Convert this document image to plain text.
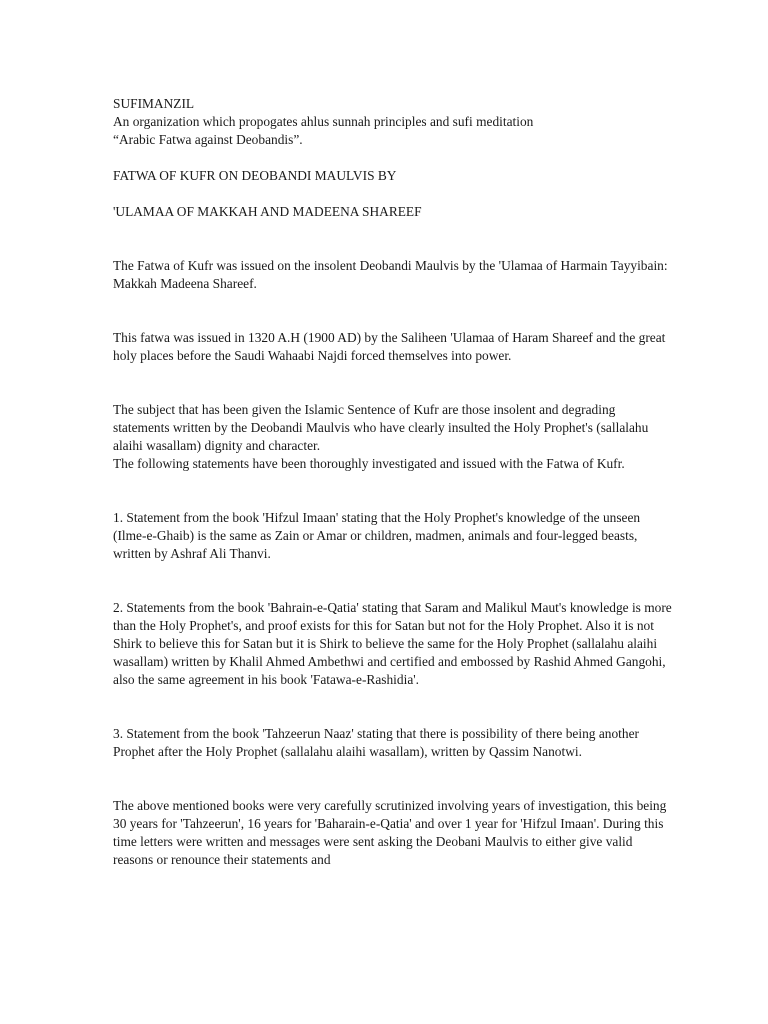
SUFIMANZIL

An organization which propogates ahlus sunnah principles and sufi meditation

“Arabic Fatwa against Deobandis”.

FATWA OF KUFR ON DEOBANDI MAULVIS BY

'ULAMAA OF MAKKAH AND MADEENA SHAREEF

The Fatwa of Kufr was issued on the insolent Deobandi Maulvis by the 'Ulamaa of Harmain Tayyibain: Makkah Madeena Shareef.

This fatwa was issued in 1320 A.H (1900 AD) by the Saliheen 'Ulamaa of Haram Shareef and the great holy places before the Saudi Wahaabi Najdi forced themselves into power.

The subject that has been given the Islamic Sentence of Kufr are those insolent and degrading statements written by the Deobandi Maulvis who have clearly insulted the Holy Prophet's (sallalahu alaihi wasallam) dignity and character.

The following statements have been thoroughly investigated and issued with the Fatwa of Kufr.

1. Statement from the book 'Hifzul Imaan' stating that the Holy Prophet's knowledge of the unseen (Ilme-e-Ghaib) is the same as Zain or Amar or children, madmen, animals and four-legged beasts, written by Ashraf Ali Thanvi.

2. Statements from the book 'Bahrain-e-Qatia' stating that Saram and Malikul Maut's knowledge is more than the Holy Prophet's, and proof exists for this for Satan but not for the Holy Prophet. Also it is not Shirk to believe this for Satan but it is Shirk to believe the same for the Holy Prophet (sallalahu alaihi wasallam) written by Khalil Ahmed Ambethwi and certified and embossed by Rashid Ahmed Gangohi, also the same agreement in his book 'Fatawa-e-Rashidia'.

3. Statement from the book 'Tahzeerun Naaz' stating that there is possibility of there being another Prophet after the Holy Prophet (sallalahu alaihi wasallam), written by Qassim Nanotwi.

The above mentioned books were very carefully scrutinized involving years of investigation, this being 30 years for 'Tahzeerun', 16 years for 'Baharain-e-Qatia' and over 1 year for 'Hifzul Imaan'. During this time letters were written and messages were sent asking the Deobani Maulvis to either give valid reasons or renounce their statements and
